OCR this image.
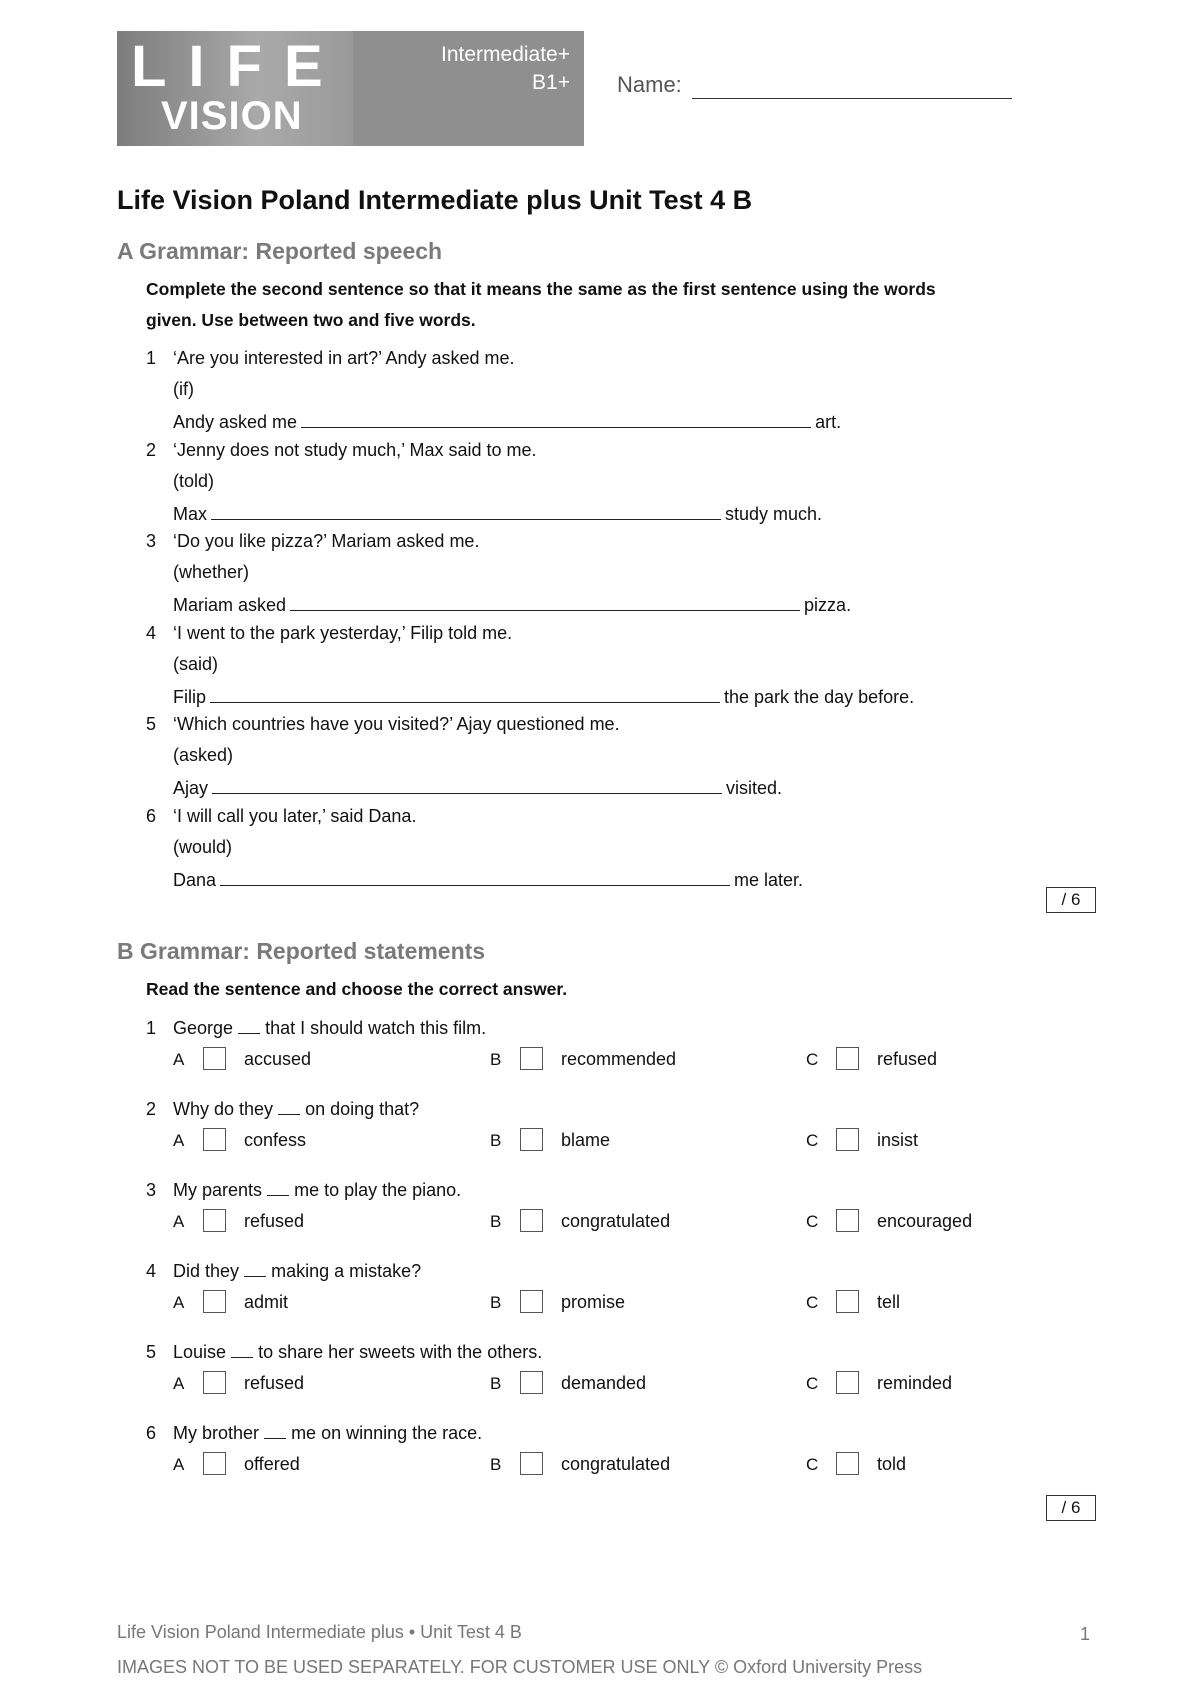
LIFE
VISION
Intermediate+
B1+ Name:
Life Vision Poland Intermediate plus Unit Test 4 B
A Grammar: Reported speech
Complete the second sentence so that it means the same as the first sentence using the words given. Use between two and five words.
1 ‘Are you interested in art?’ Andy asked me.
(if)
Andy asked me	art.
2 ‘Jenny does not study much,’ Max said to me.
(told)
Max	study much.
3 ‘Do you like pizza?’ Mariam asked me.
(whether)
Mariam asked	pizza.
4 ‘I went to the park yesterday,’ Filip told me.
(said)
Filip	the park the day before.
5 ‘Which countries have you visited?’ Ajay questioned me.
(asked)
Ajay	visited.
6 ‘I will call you later,’ said Dana.
(would)
Dana	me later.
/ 6
B Grammar: Reported statements
Read the sentence and choose the correct answer.
1 George that I should watch this film.
A	accused	B	recommended	C	refused
2 Why do they on doing that?
A	confess	B	blame	C	insist
3 My parents me to play the piano.
A	refused	B	congratulated	C	encouraged
4 Did they making a mistake?
A	admit	B	promise	C	tell
5 Louise to share her sweets with the others.
A	refused	B	demanded	C	reminded
6 My brother me on winning the race.
A	offered	B	congratulated	C	told
/ 6
Life Vision Poland Intermediate plus • Unit Test 4 B
IMAGES NOT TO BE USED SEPARATELY. FOR CUSTOMER USE ONLY © Oxford University Press
1
